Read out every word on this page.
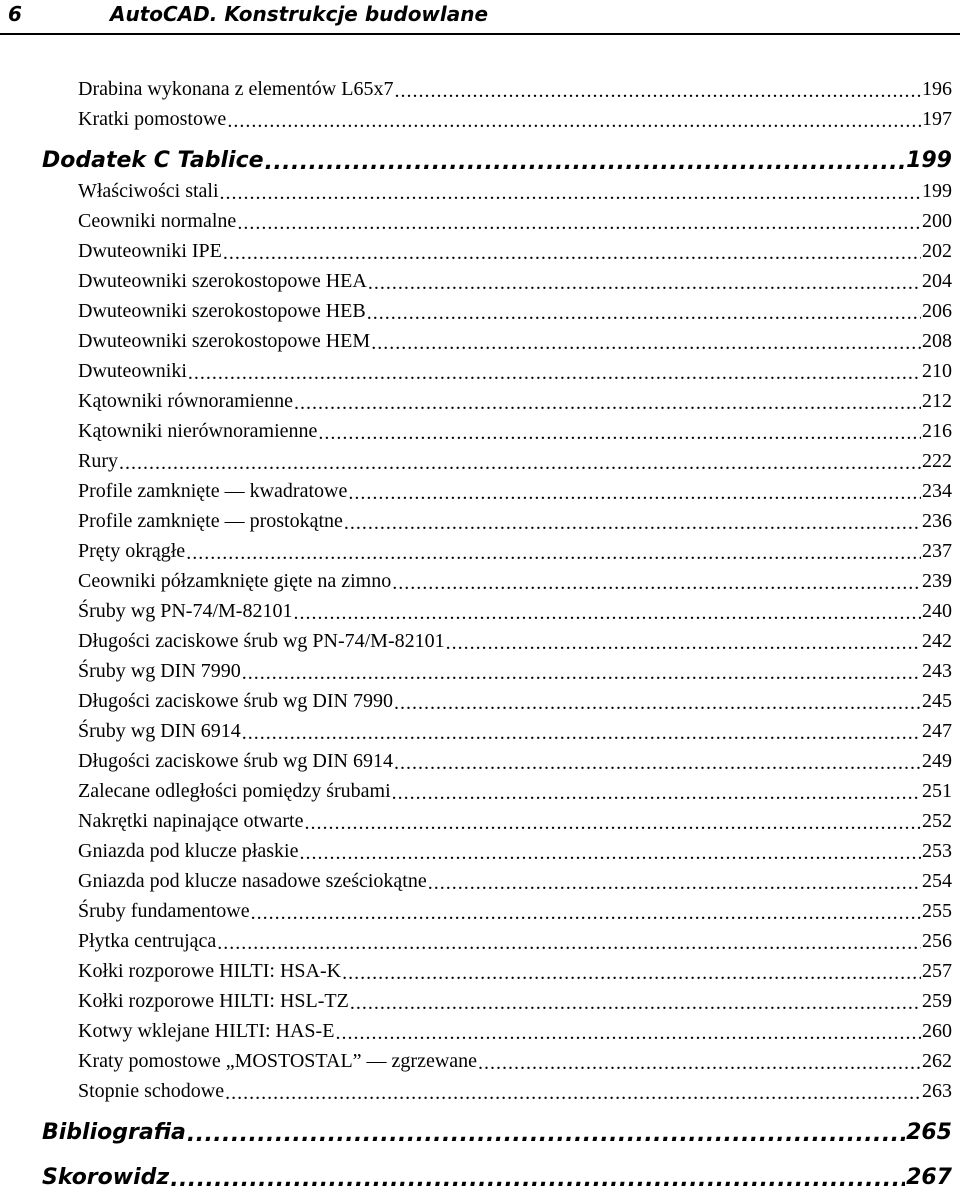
6	AutoCAD. Konstrukcje budowlane
Drabina wykonana z elementów L65x7 .....	196
Kratki pomostowe .....	197
Dodatek C Tablice .....	199
Właściwości stali .....	199
Ceowniki normalne .....	200
Dwuteowniki IPE .....	202
Dwuteowniki szerokostopowe HEA .....	204
Dwuteowniki szerokostopowe HEB .....	206
Dwuteowniki szerokostopowe HEM .....	208
Dwuteowniki .....	210
Kątowniki równoramienne .....	212
Kątowniki nierównoramienne .....	216
Rury .....	222
Profile zamknięte — kwadratowe .....	234
Profile zamknięte — prostokątne .....	236
Pręty okrągłe .....	237
Ceowniki półzamknięte gięte na zimno .....	239
Śruby wg PN-74/M-82101 .....	240
Długości zaciskowe śrub wg PN-74/M-82101 .....	242
Śruby wg DIN 7990 .....	243
Długości zaciskowe śrub wg DIN 7990 .....	245
Śruby wg DIN 6914 .....	247
Długości zaciskowe śrub wg DIN 6914 .....	249
Zalecane odległości pomiędzy śrubami .....	251
Nakrętki napinające otwarte .....	252
Gniazda pod klucze płaskie .....	253
Gniazda pod klucze nasadowe sześciokątne .....	254
Śruby fundamentowe .....	255
Płytka centrująca .....	256
Kołki rozporowe HILTI: HSA-K .....	257
Kołki rozporowe HILTI: HSL-TZ .....	259
Kotwy wklejane HILTI: HAS-E .....	260
Kraty pomostowe „MOSTOSTAL” — zgrzewane .....	262
Stopnie schodowe .....	263
Bibliografia .....	265
Skorowidz .....	267
